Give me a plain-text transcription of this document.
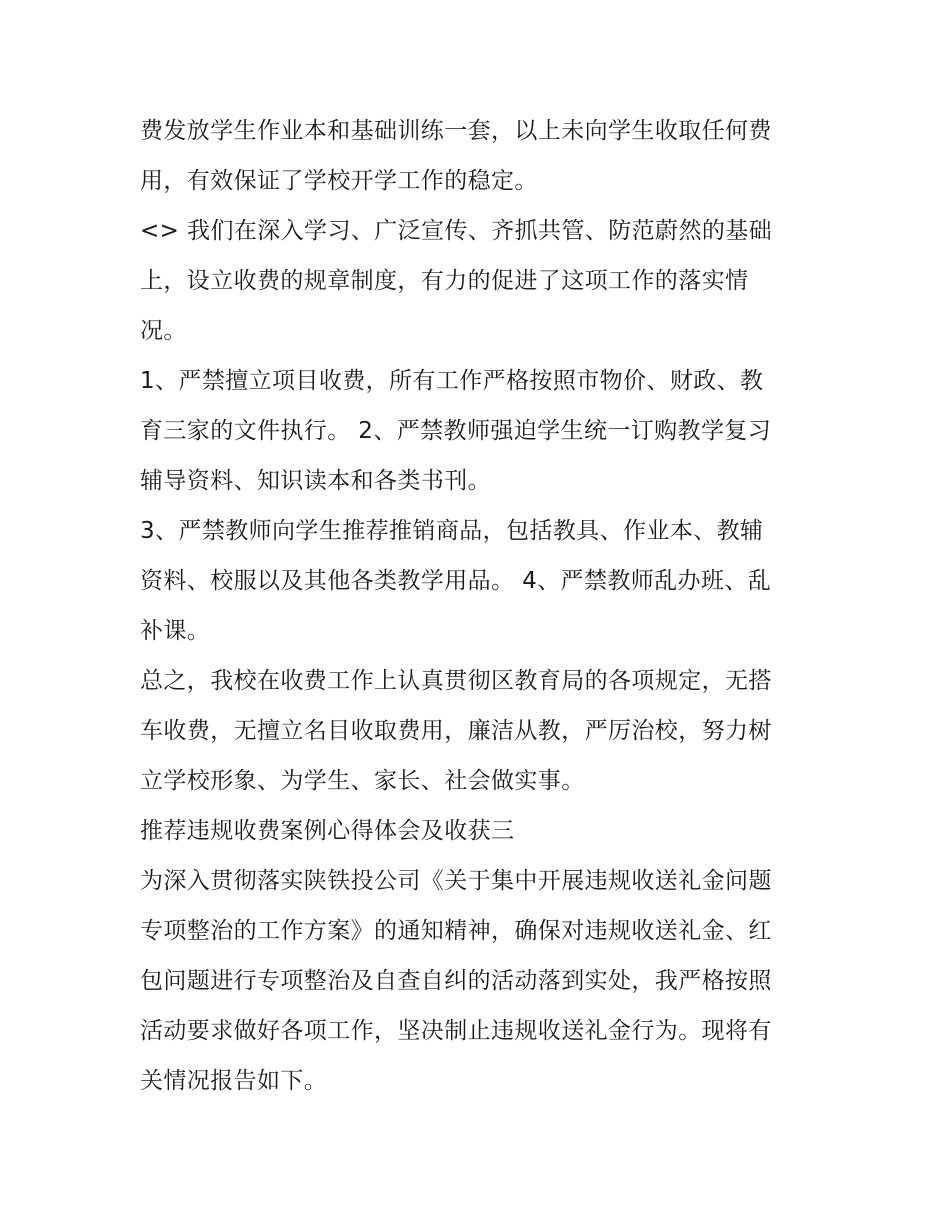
费发放学生作业本和基础训练一套，以上未向学生收取任何费
用，有效保证了学校开学工作的稳定。
<> 我们在深入学习、广泛宣传、齐抓共管、防范蔚然的基础
上，设立收费的规章制度，有力的促进了这项工作的落实情
况。
1、严禁擅立项目收费，所有工作严格按照市物价、财政、教
育三家的文件执行。 2、严禁教师强迫学生统一订购教学复习
辅导资料、知识读本和各类书刊。
3、严禁教师向学生推荐推销商品，包括教具、作业本、教辅
资料、校服以及其他各类教学用品。 4、严禁教师乱办班、乱
补课。
总之，我校在收费工作上认真贯彻区教育局的各项规定，无搭
车收费，无擅立名目收取费用，廉洁从教，严厉治校，努力树
立学校形象、为学生、家长、社会做实事。
推荐违规收费案例心得体会及收获三
为深入贯彻落实陕铁投公司《关于集中开展违规收送礼金问题
专项整治的工作方案》的通知精神，确保对违规收送礼金、红
包问题进行专项整治及自查自纠的活动落到实处，我严格按照
活动要求做好各项工作，坚决制止违规收送礼金行为。现将有
关情况报告如下。
